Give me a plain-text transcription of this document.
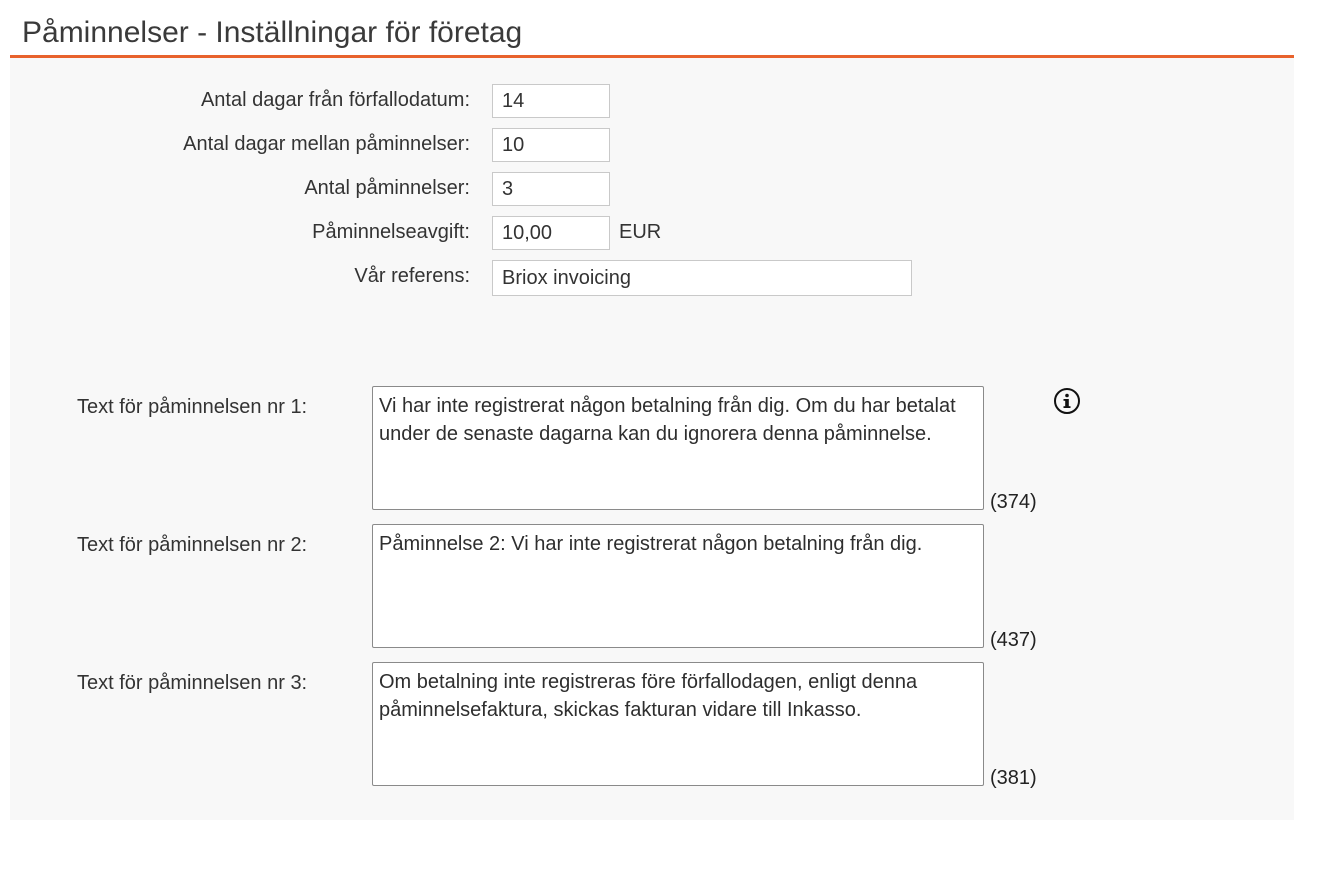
Påminnelser - Inställningar för företag
Antal dagar från förfallodatum:
14
Antal dagar mellan påminnelser:
10
Antal påminnelser:
3
Påminnelseavgift:
10,00	EUR
Vår referens:
Briox invoicing
Text för påminnelsen nr 1:
Vi har inte registrerat någon betalning från dig. Om du har betalat under de senaste dagarna kan du ignorera denna påminnelse.
(374)
Text för påminnelsen nr 2:
Påminnelse 2: Vi har inte registrerat någon betalning från dig.
(437)
Text för påminnelsen nr 3:
Om betalning inte registreras före förfallodagen, enligt denna påminnelsefaktura, skickas fakturan vidare till Inkasso.
(381)
